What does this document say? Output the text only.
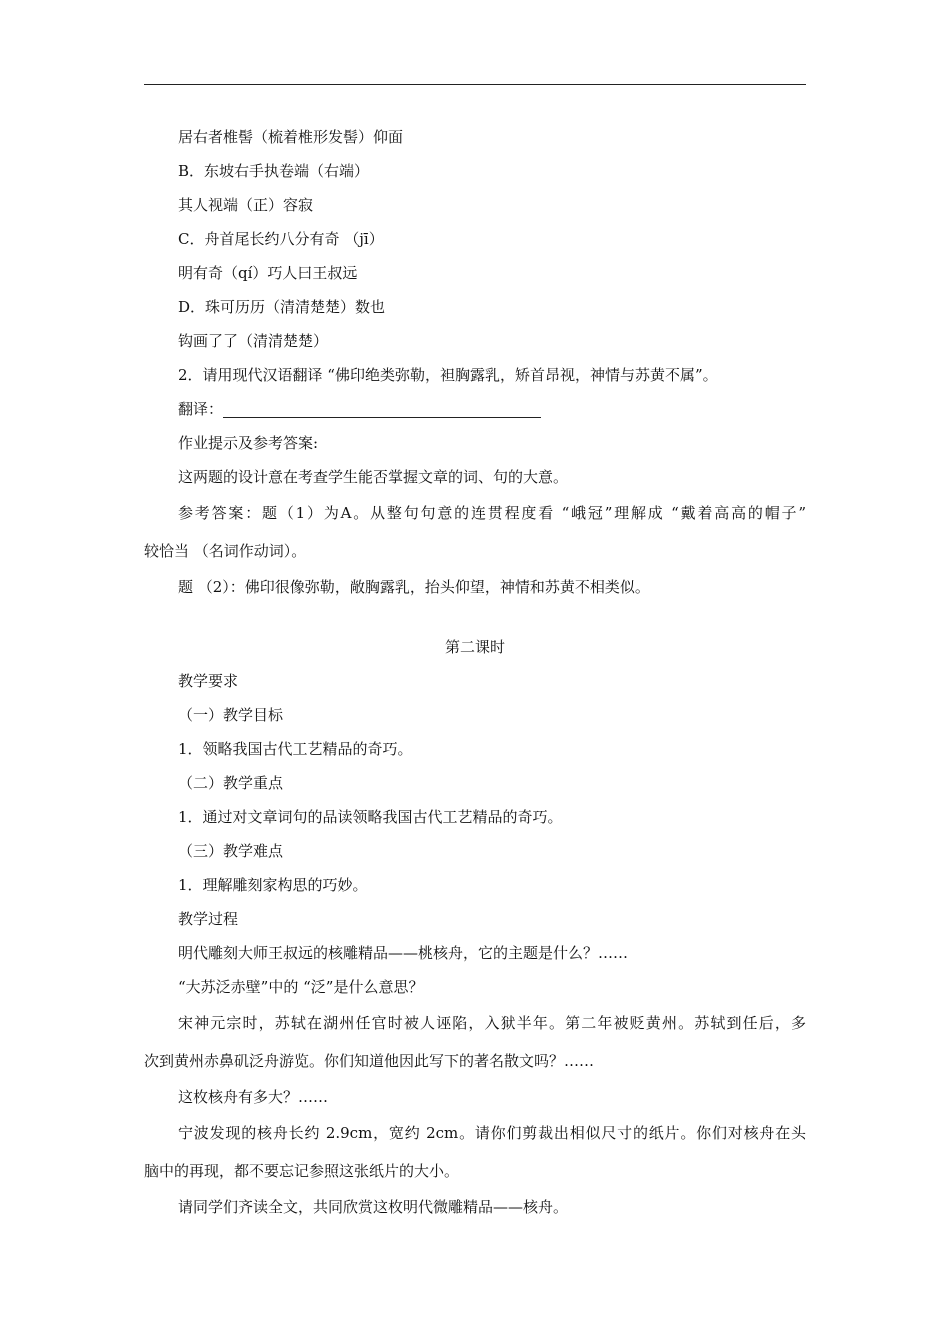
居右者椎髻（梳着椎形发髻）仰面
B．东坡右手执卷端（右端）
其人视端（正）容寂
C．舟首尾长约八分有奇 （jī）
明有奇（qí）巧人曰王叔远
D．珠可历历（清清楚楚）数也
钩画了了（清清楚楚）
2．请用现代汉语翻译 “佛印绝类弥勒，袒胸露乳，矫首昂视，神情与苏黄不属”。
翻译：
作业提示及参考答案:
这两题的设计意在考查学生能否掌握文章的词、句的大意。
参考答案：题（1）为A。从整句句意的连贯程度看 “峨冠”理解成 “戴着高高的帽子”
较恰当 （名词作动词）。
题 （2）：佛印很像弥勒，敞胸露乳，抬头仰望，神情和苏黄不相类似。
第二课时
教学要求
（一）教学目标
1．领略我国古代工艺精品的奇巧。
（二）教学重点
1．通过对文章词句的品读领略我国古代工艺精品的奇巧。
（三）教学难点
1．理解雕刻家构思的巧妙。
教学过程
明代雕刻大师王叔远的核雕精品——桃核舟，它的主题是什么？……
“大苏泛赤壁”中的 “泛”是什么意思？
宋神元宗时，苏轼在湖州任官时被人诬陷，入狱半年。第二年被贬黄州。苏轼到任后，多
次到黄州赤鼻矶泛舟游览。你们知道他因此写下的著名散文吗？……
这枚核舟有多大？……
宁波发现的核舟长约 2.9cm，宽约 2cm。请你们剪裁出相似尺寸的纸片。你们对核舟在头
脑中的再现，都不要忘记参照这张纸片的大小。
请同学们齐读全文，共同欣赏这枚明代微雕精品——核舟。
